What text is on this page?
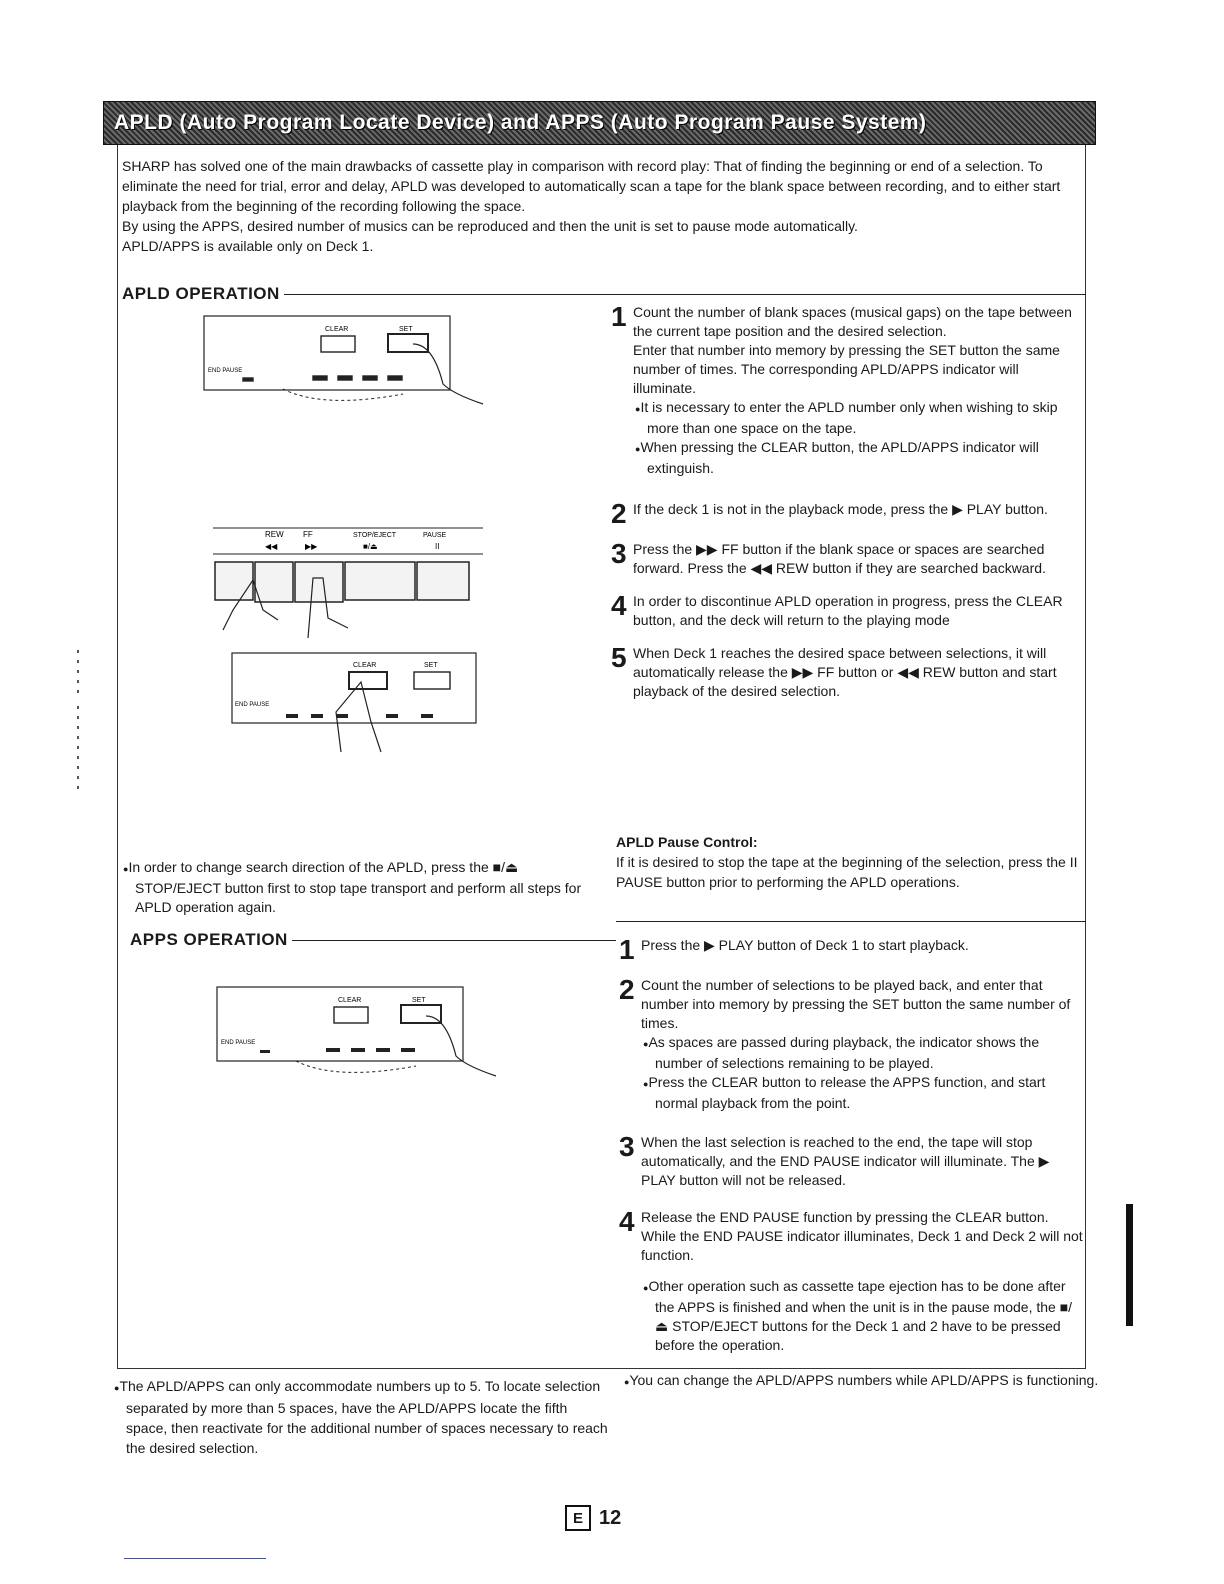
APLD (Auto Program Locate Device) and APPS (Auto Program Pause System)

SHARP has solved one of the main drawbacks of cassette play in comparison with record play: That of finding the beginning or end of a selection. To eliminate the need for trial, error and delay, APLD was developed to automatically scan a tape for the blank space between recording, and to either start playback from the beginning of the recording following the space.

By using the APPS, desired number of musics can be reproduced and then the unit is set to pause mode automatically.

APLD/APPS is available only on Deck 1.

APLD OPERATION
CLEAR	SET
END PAUSE
REW FF	STOP/EJECT	PAUSE
◀◀	▶▶	■/⏏	II
CLEAR	SET
END PAUSE
1 Count the number of blank spaces (musical gaps) on the tape between the current tape position and the desired selection.

Enter that number into memory by pressing the SET button the same number of times. The corresponding APLD/APPS indicator will illuminate.

● It is necessary to enter the APLD number only when wishing to skip more than one space on the tape.

● When pressing the CLEAR button, the APLD/APPS indicator will extinguish.

2 If the deck 1 is not in the playback mode, press the ▶ PLAY button.

3 Press the ▶▶ FF button if the blank space or spaces are searched forward. Press the ◀◀ REW button if they are searched backward.

4 In order to discontinue APLD operation in progress, press the CLEAR button, and the deck will return to the playing mode

5 When Deck 1 reaches the desired space between selections, it will automatically release the ▶▶ FF button or ◀◀ REW button and start playback of the desired selection.

● In order to change search direction of the APLD, press the ■/⏏ STOP/EJECT button first to stop tape transport and perform all steps for APLD operation again.
APLD Pause Control:
If it is desired to stop the tape at the beginning of the selection, press the II PAUSE button prior to performing the APLD operations.
APPS OPERATION
CLEAR	SET
END PAUSE
1 Press the ▶ PLAY button of Deck 1 to start playback.

2 Count the number of selections to be played back, and enter that number into memory by pressing the SET button the same number of times.

● As spaces are passed during playback, the indicator shows the number of selections remaining to be played.

● Press the CLEAR button to release the APPS function, and start normal playback from the point.

3 When the last selection is reached to the end, the tape will stop automatically, and the END PAUSE indicator will illuminate. The ▶ PLAY button will not be released.

4 Release the END PAUSE function by pressing the CLEAR button. While the END PAUSE indicator illuminates, Deck 1 and Deck 2 will not function.

● Other operation such as cassette tape ejection has to be done after the APPS is finished and when the unit is in the pause mode, the ■/⏏ STOP/EJECT buttons for the Deck 1 and 2 have to be pressed before the operation.

● The APLD/APPS can only accommodate numbers up to 5. To locate selection separated by more than 5 spaces, have the APLD/APPS locate the fifth space, then reactivate for the additional number of spaces necessary to reach the desired selection.
● You can change the APLD/APPS numbers while APLD/APPS is functioning.
E 12
